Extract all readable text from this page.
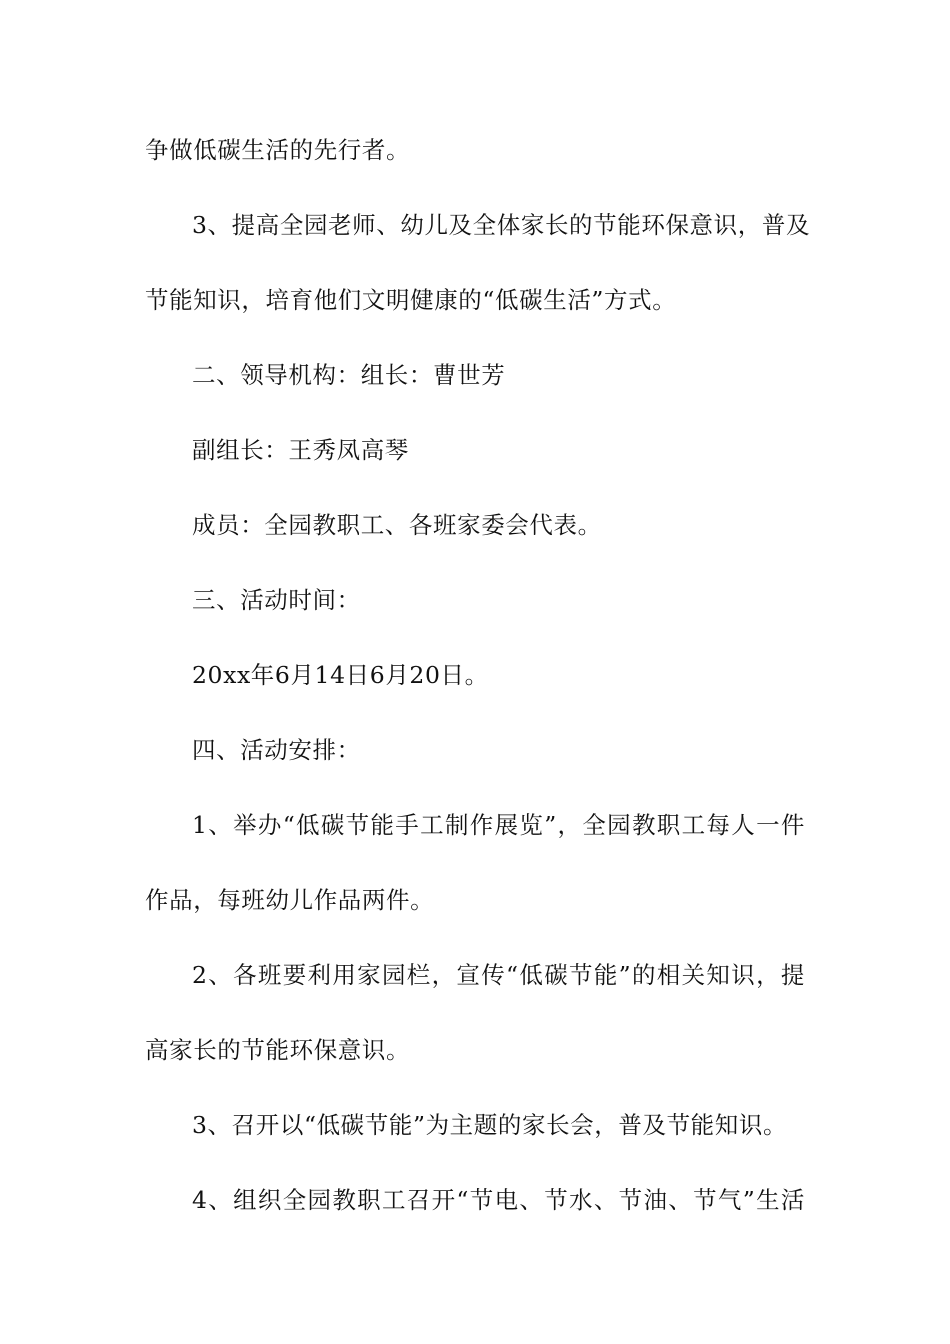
争做低碳生活的先行者。
3、提高全园老师、幼儿及全体家长的节能环保意识，普及
节能知识，培育他们文明健康的“低碳生活”方式。
二、领导机构：组长：曹世芳
副组长：王秀凤高琴
成员：全园教职工、各班家委会代表。
三、活动时间：
20xx年6月14日6月20日。
四、活动安排：
1、举办“低碳节能手工制作展览”，全园教职工每人一件
作品，每班幼儿作品两件。
2、各班要利用家园栏，宣传“低碳节能”的相关知识，提
高家长的节能环保意识。
3、召开以“低碳节能”为主题的家长会，普及节能知识。
4、组织全园教职工召开“节电、节水、节油、节气”生活
